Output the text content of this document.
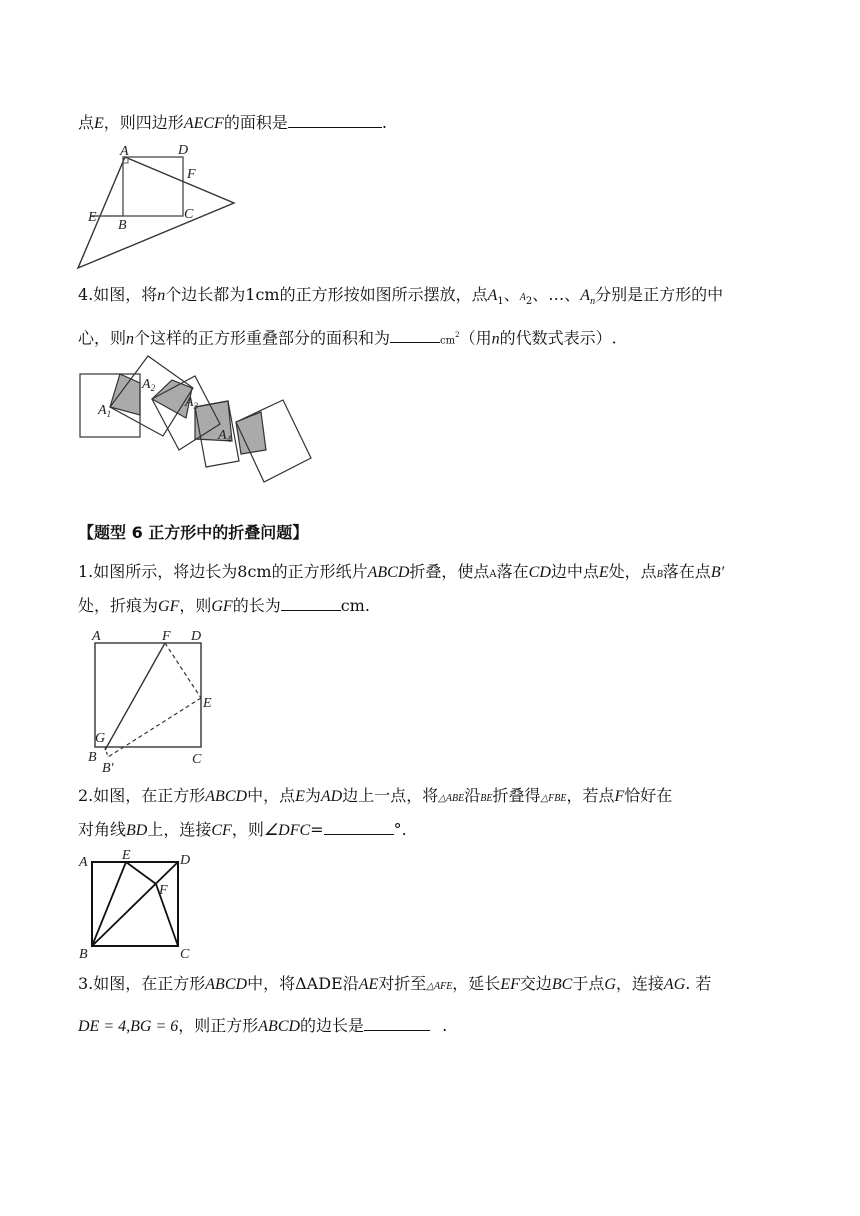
点E，则四边形AECF的面积是	.
A	D
F
E
B
C
4.如图，将n个边长都为1cm的正方形按如图所示摆放，点$A_1$、$A_2$、…、$A_n$分别是正方形的中
心，则n个这样的正方形重叠部分的面积和为	$cm^2$（用n的代数式表示）.
$A_1$
$A_2$
$A_3$
$A_4$
【题型 6 正方形中的折叠问题】
1.如图所示，将边长为8cm的正方形纸片ABCD折叠，使点A落在CD边中点E处，点B落在点B′
处，折痕为GF，则GF的长为	cm.
A	F D
E
G
B	C
B′
2.如图，在正方形ABCD中，点E为AD边上一点，将△ABE沿BE折叠得△FBE，若点F恰好在
对角线BD上，连接CF，则∠DFC=	°.
A E	D
F
B	C
3.如图，在正方形ABCD中，将ΔADE沿AE对折至△AFE，延长EF交边BC于点G，连接AG. 若
DE = 4,BG = 6，则正方形ABCD的边长是	.
